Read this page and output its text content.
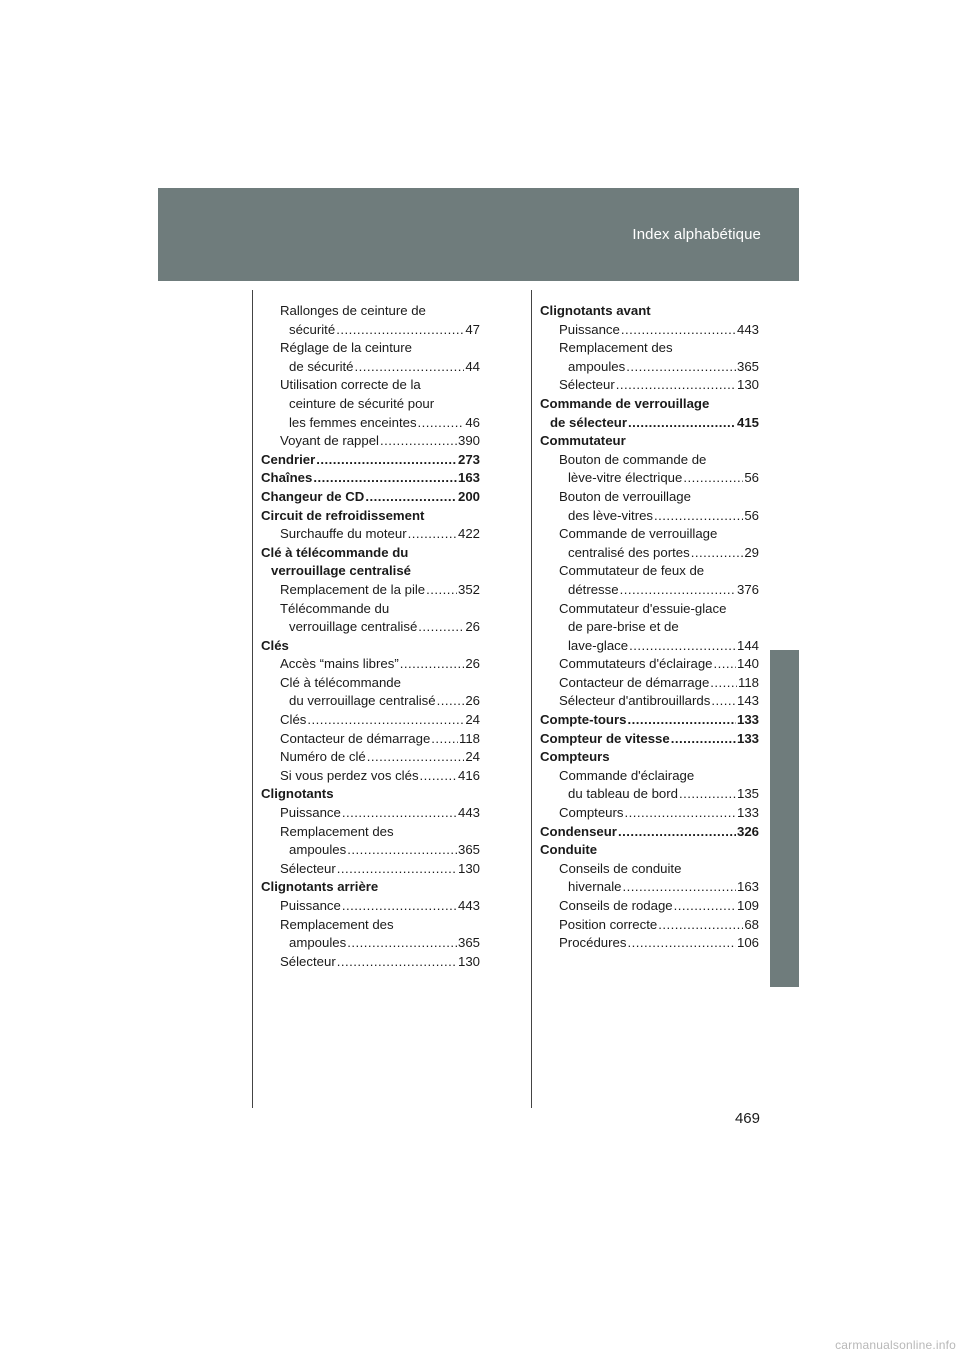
Index alphabétique
Rallonges de ceinture de
sécurité . . .	47
Réglage de la ceinture
de sécurité . . .	44
Utilisation correcte de la
ceinture de sécurité pour
les femmes enceintes . . .	46
Voyant de rappel . . .	390
Cendrier . . .	273
Chaînes . . .	163
Changeur de CD . . .	200
Circuit de refroidissement
Surchauffe du moteur . . .	422
Clé à télécommande du
verrouillage centralisé
Remplacement de la pile . . . 352
Télécommande du
verrouillage centralisé . . .	26
Clés
Accès “mains libres” . . .	26
Clé à télécommande
du verrouillage centralisé . . . 26
Clés . . .	24
Contacteur de démarrage . . . 118
Numéro de clé . . .	24
Si vous perdez vos clés . . .	416
Clignotants
Puissance . . .	443
Remplacement des
ampoules . . .	365
Sélecteur . . .	130
Clignotants arrière
Puissance . . .	443
Remplacement des
ampoules . . .	365
Sélecteur . . .	130
Clignotants avant
Puissance . . .	443
Remplacement des
ampoules . . .	365
Sélecteur . . .	130
Commande de verrouillage
de sélecteur . . .	415
Commutateur
Bouton de commande de
lève-vitre électrique . . .	56
Bouton de verrouillage
des lève-vitres . . .	56
Commande de verrouillage
centralisé des portes . . .	29
Commutateur de feux de
détresse . . .	376
Commutateur d'essuie-glace
de pare-brise et de
lave-glace . . .	144
Commutateurs d'éclairage . . . 140
Contacteur de démarrage . . . 118
Sélecteur d'antibrouillards . . . 143
Compte-tours . . .	133
Compteur de vitesse . . .	133
Compteurs
Commande d'éclairage
du tableau de bord . . .	135
Compteurs . . .	133
Condenseur . . .	326
Conduite
Conseils de conduite
hivernale . . .	163
Conseils de rodage . . .	109
Position correcte . . .	68
Procédures . . .	106
469
carmanualsonline.info
